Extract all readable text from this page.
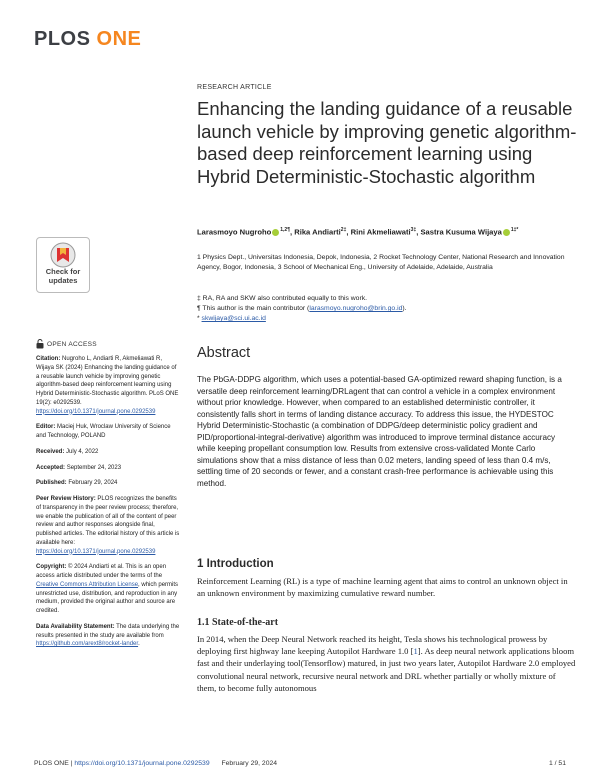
PLOS ONE
RESEARCH ARTICLE
Enhancing the landing guidance of a reusable launch vehicle by improving genetic algorithm-based deep reinforcement learning using Hybrid Deterministic-Stochastic algorithm
Larasmoyo Nugroho $^{1,2\P}$, Rika Andiarti$^{2\ddagger}$, Rini Akmeliawati$^{3\ddagger}$, Sastra Kusuma Wijaya $^{1\ddagger*}$
1 Physics Dept., Universitas Indonesia, Depok, Indonesia, 2 Rocket Technology Center, National Research and Innovation Agency, Bogor, Indonesia, 3 School of Mechanical Eng., University of Adelaide, Adelaide, Australia
‡ RA, RA and SKW also contributed equally to this work.
¶ This author is the main contributor (larasmoyo.nugroho@brin.go.id).
* skwijaya@sci.ui.ac.id
Check for
updates
OPEN ACCESS
Citation: Nugroho L, Andiarti R, Akmeliawati R, Wijaya SK (2024) Enhancing the landing guidance of a reusable launch vehicle by improving genetic algorithm-based deep reinforcement learning using Hybrid Deterministic-Stochastic algorithm. PLoS ONE 19(2): e0292539. https://doi.org/10.1371/journal.pone.0292539
Editor: Maciej Huk, Wroclaw University of Science and Technology, POLAND
Received: July 4, 2022
Accepted: September 24, 2023
Published: February 29, 2024
Peer Review History: PLOS recognizes the benefits of transparency in the peer review process; therefore, we enable the publication of all of the content of peer review and author responses alongside final, published articles. The editorial history of this article is available here: https://doi.org/10.1371/journal.pone.0292539
Copyright: © 2024 Andiarti et al. This is an open access article distributed under the terms of the Creative Commons Attribution License, which permits unrestricted use, distribution, and reproduction in any medium, provided the original author and source are credited.
Data Availability Statement: The data underlying the results presented in the study are available from https://github.com/arext8/rocket-lander.
Abstract
The PbGA-DDPG algorithm, which uses a potential-based GA-optimized reward shaping function, is a versatile deep reinforcement learning/DRLagent that can control a vehicle in a complex environment without prior knowledge. However, when compared to an established deterministic controller, it consistently falls short in terms of landing distance accuracy. To address this issue, the HYDESTOC Hybrid Deterministic-Stochastic (a combination of DDPG/deep deterministic policy gradient and PID/proportional-integral-derivative) algorithm was introduced to improve terminal distance accuracy while keeping propellant consumption low. Results from extensive cross-validated Monte Carlo simulations show that a miss distance of less than 0.02 meters, landing speed of less than 0.4 m/s, settling time of 20 seconds or fewer, and a constant crash-free performance is achievable using this method.
1 Introduction
Reinforcement Learning (RL) is a type of machine learning agent that aims to control an unknown object in an unknown environment by maximizing cumulative reward number.
1.1 State-of-the-art
In 2014, when the Deep Neural Network reached its height, Tesla shows his technological prowess by deploying first highway lane keeping Autopilot Hardware 1.0 [1]. As deep neural network applications bloom fast and their underlaying tool(Tensorflow) matured, in just two years later, Autopilot Hardware 2.0 employed convolutional neural network, recursive neural network and DRL whether partially or wholly mixture of them, to become fully autonomous
PLOS ONE | https://doi.org/10.1371/journal.pone.0292539 February 29, 2024	1 / 51
